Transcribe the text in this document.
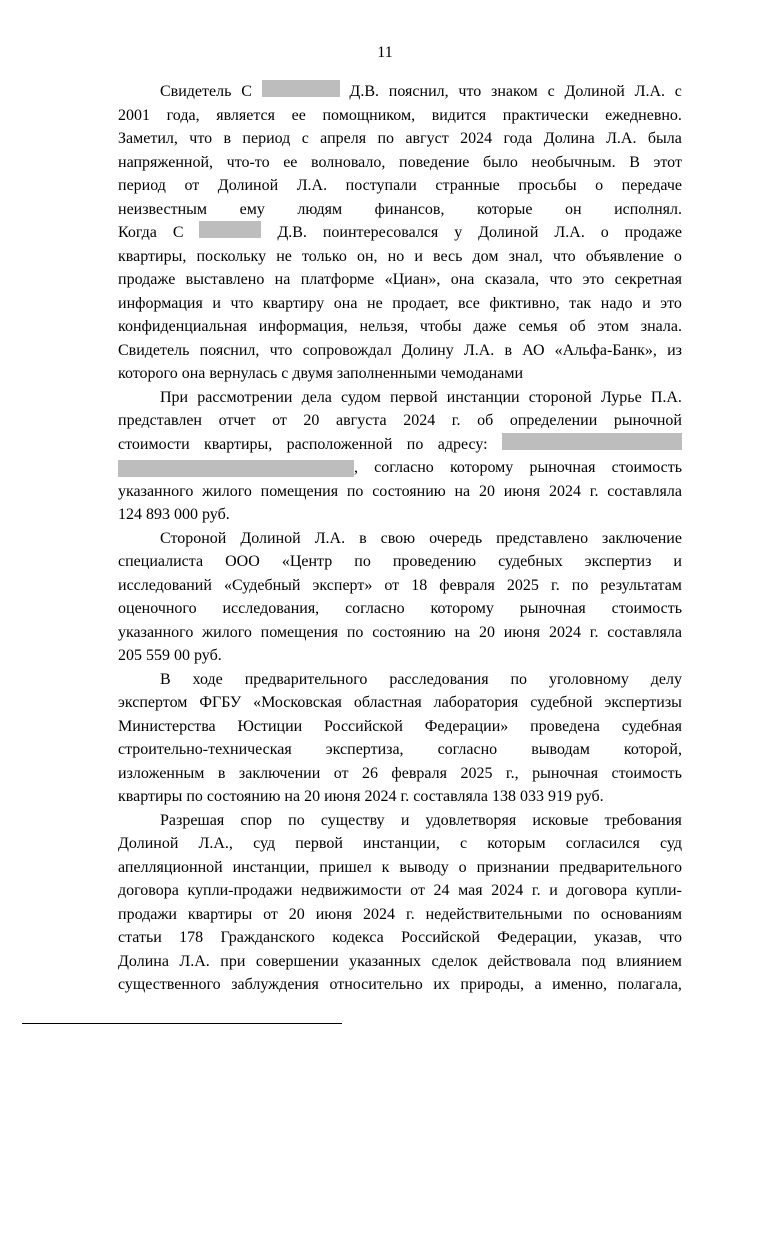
11
Свидетель С	Д.В. пояснил, что знаком с Долиной Л.А. с
2001 года, является ее помощником, видится практически ежедневно.
Заметил, что в период с апреля по август 2024 года Долина Л.А. была
напряженной, что-то ее волновало, поведение было необычным. В этот
период от Долиной Л.А. поступали странные просьбы о передаче
неизвестным ему людям финансов, которые он исполнял.
Когда С	Д.В. поинтересовался у Долиной Л.А. о продаже
квартиры, поскольку не только он, но и весь дом знал, что объявление о
продаже выставлено на платформе «Циан», она сказала, что это секретная
информация и что квартиру она не продает, все фиктивно, так надо и это
конфиденциальная информация, нельзя, чтобы даже семья об этом знала.
Свидетель пояснил, что сопровождал Долину Л.А. в АО «Альфа-Банк», из
которого она вернулась с двумя заполненными чемоданами
При рассмотрении дела судом первой инстанции стороной Лурье П.А.
представлен отчет от 20 августа 2024 г. об определении рыночной
стоимости квартиры, расположенной по адресу:
, согласно которому рыночная стоимость
указанного жилого помещения по состоянию на 20 июня 2024 г. составляла
124 893 000 руб.
Стороной Долиной Л.А. в свою очередь представлено заключение
специалиста ООО «Центр по проведению судебных экспертиз и
исследований «Судебный эксперт» от 18 февраля 2025 г. по результатам
оценочного исследования, согласно которому рыночная стоимость
указанного жилого помещения по состоянию на 20 июня 2024 г. составляла
205 559 00 руб.
В ходе предварительного расследования по уголовному делу
экспертом ФГБУ «Московская областная лаборатория судебной экспертизы
Министерства Юстиции Российской Федерации» проведена судебная
строительно-техническая экспертиза, согласно выводам которой,
изложенным в заключении от 26 февраля 2025 г., рыночная стоимость
квартиры по состоянию на 20 июня 2024 г. составляла 138 033 919 руб.
Разрешая спор по существу и удовлетворяя исковые требования
Долиной Л.А., суд первой инстанции, с которым согласился суд
апелляционной инстанции, пришел к выводу о признании предварительного
договора купли-продажи недвижимости от 24 мая 2024 г. и договора купли-
продажи квартиры от 20 июня 2024 г. недействительными по основаниям
статьи 178 Гражданского кодекса Российской Федерации, указав, что
Долина Л.А. при совершении указанных сделок действовала под влиянием
существенного заблуждения относительно их природы, а именно, полагала,
